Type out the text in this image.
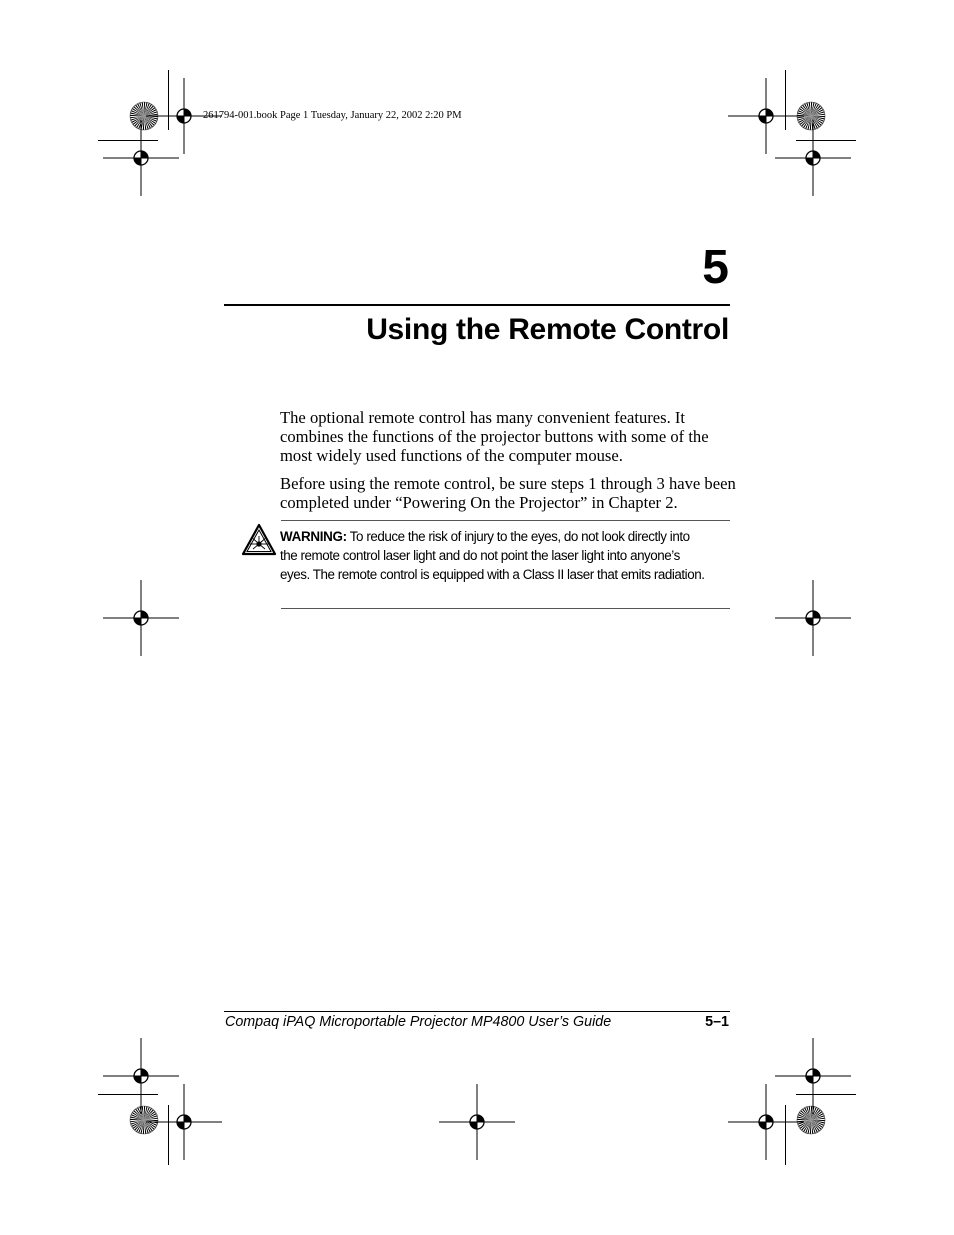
261794-001.book Page 1 Tuesday, January 22, 2002 2:20 PM
5
Using the Remote Control

The optional remote control has many convenient features. It combines the functions of the projector buttons with some of the most widely used functions of the computer mouse.

Before using the remote control, be sure steps 1 through 3 have been completed under “Powering On the Projector” in Chapter 2.

WARNING: To reduce the risk of injury to the eyes, do not look directly into the remote control laser light and do not point the laser light into anyone’s eyes. The remote control is equipped with a Class II laser that emits radiation.
Compaq iPAQ Microportable Projector MP4800 User’s Guide	5–1
